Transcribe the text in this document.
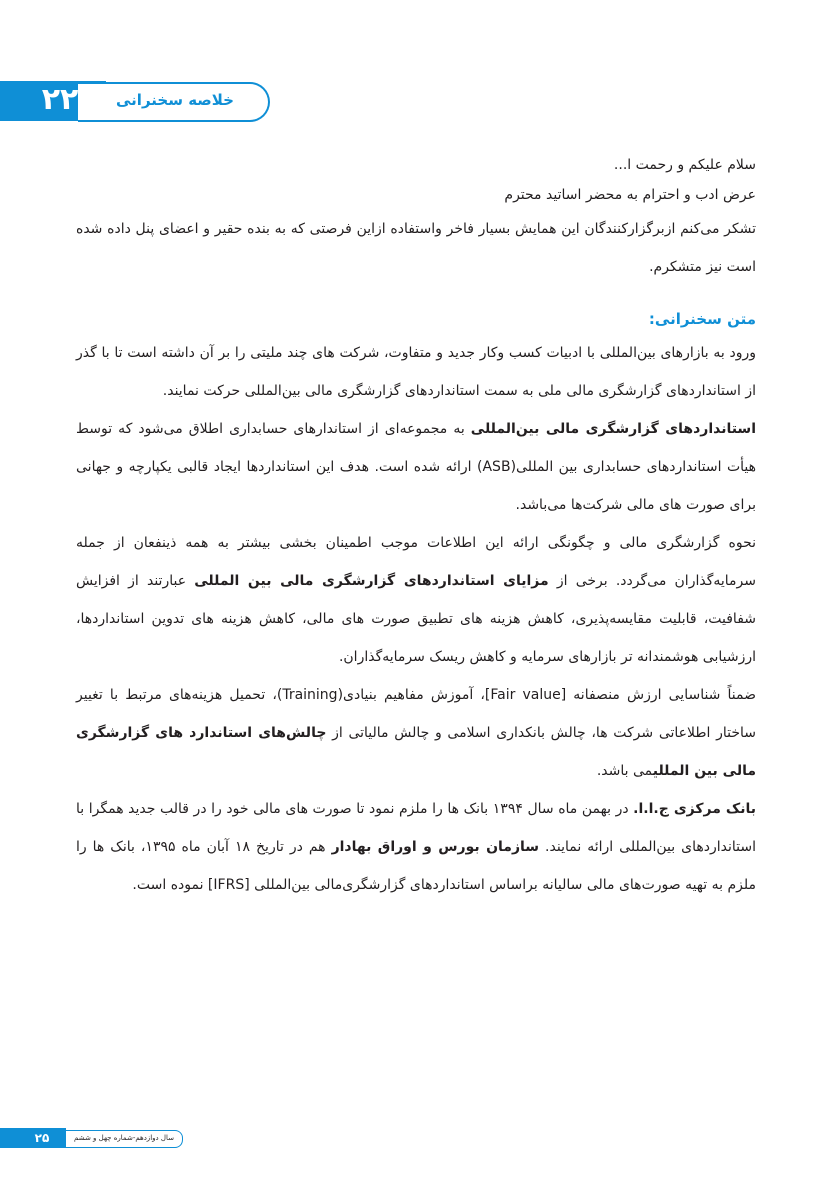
۲۲	خلاصه سخنرانی

سلام علیکم و رحمت ا...

عرض ادب و احترام به محضر اساتید محترم

تشکر می‌کنم ازبرگزارکنندگان این همایش بسیار فاخر واستفاده ازاین فرصتی که به بنده حقیر و اعضای پنل داده شده است نیز متشکرم.

متن سخنرانی:

ورود به بازارهای بین‌المللی با ادبیات کسب وکار جدید و متفاوت، شرکت های چند ملیتی را بر آن داشته است تا با گذر از استانداردهای گزارشگری مالی ملی به سمت استانداردهای گزارشگری مالی بین‌المللی حرکت نمایند.

استانداردهای گزارشگری مالی بین‌المللی به مجموعه‌ای از استاندارهای حسابداری اطلاق می‌شود که توسط هیأت استانداردهای حسابداری بین المللی(ASB) ارائه شده است. هدف این استانداردها ایجاد قالبی یکپارچه و جهانی برای صورت های مالی شرکت‌ها می‌باشد.

نحوه گزارشگری مالی و چگونگی ارائه این اطلاعات موجب اطمینان بخشی بیشتر به همه ذینفعان از جمله سرمایه‌گذاران می‌گردد. برخی از مزایای استانداردهای گزارشگری مالی بین المللی عبارتند از افزایش شفافیت، قابلیت مقایسه‌پذیری، کاهش هزینه های تطبیق صورت های مالی، کاهش هزینه های تدوین استانداردها، ارزشیابی هوشمندانه تر بازارهای سرمایه و کاهش ریسک سرمایه‌گذاران.

ضمناً شناسایی ارزش منصفانه [Fair value]، آموزش مفاهیم بنیادی(Training)، تحمیل هزینه‌های مرتبط با تغییر ساختار اطلاعاتی شرکت ها، چالش بانکداری اسلامی و چالش مالیاتی از چالش‌های استاندارد های گزارشگری مالی بین المللیمی باشد.

بانک مرکزی ج.ا.ا. در بهمن ماه سال ۱۳۹۴ بانک ها را ملزم نمود تا صورت های مالی خود را در قالب جدید همگرا با استانداردهای بین‌المللی ارائه نمایند. سازمان بورس و اوراق بهادار هم در تاریخ ۱۸ آبان ماه ۱۳۹۵، بانک ها را ملزم به تهیه صورت‌های مالی سالیانه براساس استانداردهای گزارشگری‌مالی بین‌المللی [IFRS] نموده است.

۲۵	سال دوازدهم-شماره چهل و ششم
